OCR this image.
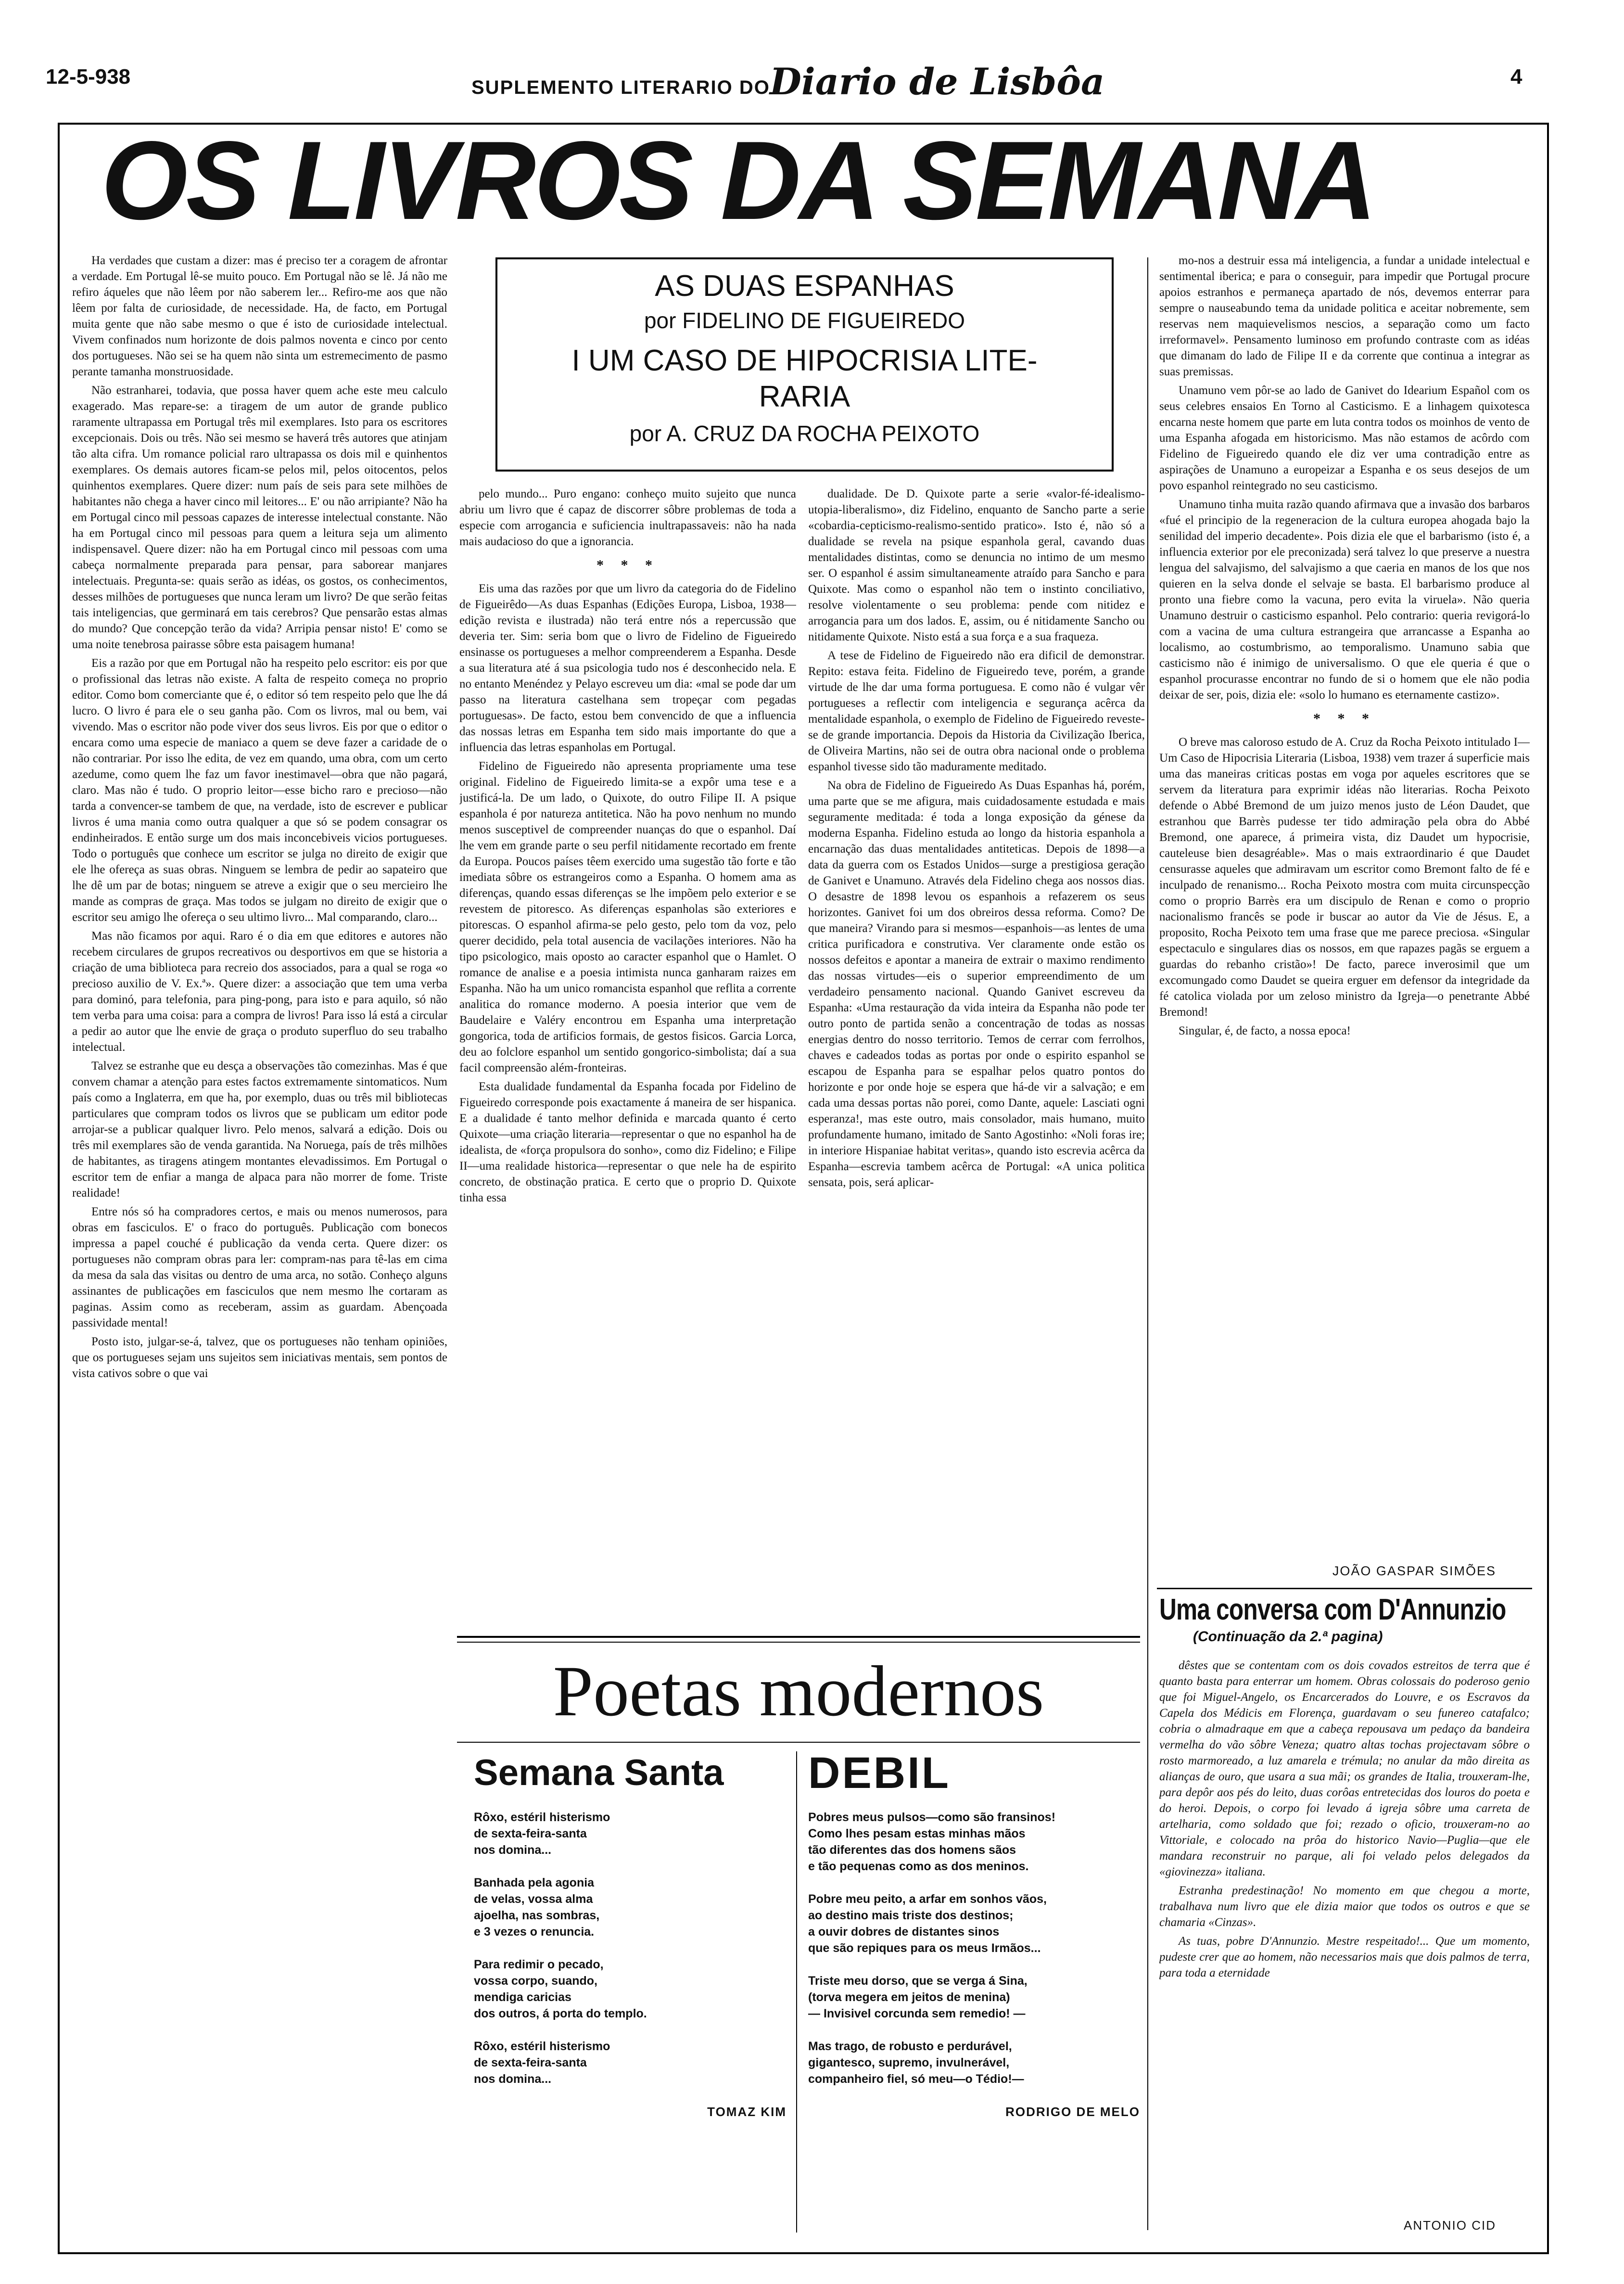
12-5-938	SUPLEMENTO LITERARIO DO Diario de Lisbôa	4
OS LIVROS DA SEMANA
AS DUAS ESPANHAS
por FIDELINO DE FIGUEIREDO
I UM CASO DE HIPOCRISIA LITE-
RARIA
por A. CRUZ DA ROCHA PEIXOTO

Ha verdades que custam a dizer: mas é preciso ter a coragem de afrontar a verdade. Em Portugal lê-se muito pouco. Em Portugal não se lê. Já não me refiro áqueles que não lêem por não saberem ler... Refiro-me aos que não lêem por falta de curiosidade, de necessidade. Ha, de facto, em Portugal muita gente que não sabe mesmo o que é isto de curiosidade intelectual. Vivem confinados num horizonte de dois palmos noventa e cinco por cento dos portugueses. Não sei se ha quem não sinta um estremecimento de pasmo perante tamanha monstruosidade.

Não estranharei, todavia, que possa haver quem ache este meu calculo exagerado. Mas repare-se: a tiragem de um autor de grande publico raramente ultrapassa em Portugal três mil exemplares. Isto para os escritores excepcionais. Dois ou três. Não sei mesmo se haverá três autores que atinjam tão alta cifra. Um romance policial raro ultrapassa os dois mil e quinhentos exemplares. Os demais autores ficam-se pelos mil, pelos oitocentos, pelos quinhentos exemplares. Quere dizer: num país de seis para sete milhões de habitantes não chega a haver cinco mil leitores... E' ou não arripiante? Não ha em Portugal cinco mil pessoas capazes de interesse intelectual constante. Não ha em Portugal cinco mil pessoas para quem a leitura seja um alimento indispensavel. Quere dizer: não ha em Portugal cinco mil pessoas com uma cabeça normalmente preparada para pensar, para saborear manjares intelectuais. Pregunta-se: quais serão as idéas, os gostos, os conhecimentos, desses milhões de portugueses que nunca leram um livro? De que serão feitas tais inteligencias, que germinará em tais cerebros? Que pensarão estas almas do mundo? Que concepção terão da vida? Arripia pensar nisto! E' como se uma noite tenebrosa pairasse sôbre esta paisagem humana!

Eis a razão por que em Portugal não ha respeito pelo escritor: eis por que o profissional das letras não existe. A falta de respeito começa no proprio editor. Como bom comerciante que é, o editor só tem respeito pelo que lhe dá lucro. O livro é para ele o seu ganha pão. Com os livros, mal ou bem, vai vivendo. Mas o escritor não pode viver dos seus livros. Eis por que o editor o encara como uma especie de maniaco a quem se deve fazer a caridade de o não contrariar. Por isso lhe edita, de vez em quando, uma obra, com um certo azedume, como quem lhe faz um favor inestimavel—obra que não pagará, claro. Mas não é tudo. O proprio leitor—esse bicho raro e precioso—não tarda a convencer-se tambem de que, na verdade, isto de escrever e publicar livros é uma mania como outra qualquer a que só se podem consagrar os endinheirados. E então surge um dos mais inconcebiveis vicios portugueses. Todo o português que conhece um escritor se julga no direito de exigir que ele lhe ofereça as suas obras. Ninguem se lembra de pedir ao sapateiro que lhe dê um par de botas; ninguem se atreve a exigir que o seu mercieiro lhe mande as compras de graça. Mas todos se julgam no direito de exigir que o escritor seu amigo lhe ofereça o seu ultimo livro... Mal comparando, claro...

Mas não ficamos por aqui. Raro é o dia em que editores e autores não recebem circulares de grupos recreativos ou desportivos em que se historia a criação de uma biblioteca para recreio dos associados, para a qual se roga «o precioso auxilio de V. Ex.ª». Quere dizer: a associação que tem uma verba para dominó, para telefonia, para ping-pong, para isto e para aquilo, só não tem verba para uma coisa: para a compra de livros! Para isso lá está a circular a pedir ao autor que lhe envie de graça o produto superfluo do seu trabalho intelectual.

Talvez se estranhe que eu desça a observações tão comezinhas. Mas é que convem chamar a atenção para estes factos extremamente sintomaticos. Num país como a Inglaterra, em que ha, por exemplo, duas ou três mil bibliotecas particulares que compram todos os livros que se publicam um editor pode arrojar-se a publicar qualquer livro. Pelo menos, salvará a edição. Dois ou três mil exemplares são de venda garantida. Na Noruega, país de três milhões de habitantes, as tiragens atingem montantes elevadissimos. Em Portugal o escritor tem de enfiar a manga de alpaca para não morrer de fome. Triste realidade!

Entre nós só ha compradores certos, e mais ou menos numerosos, para obras em fasciculos. E' o fraco do português. Publicação com bonecos impressa a papel couché é publicação da venda certa. Quere dizer: os portugueses não compram obras para ler: compram-nas para tê-las em cima da mesa da sala das visitas ou dentro de uma arca, no sotão. Conheço alguns assinantes de publicações em fasciculos que nem mesmo lhe cortaram as paginas. Assim como as receberam, assim as guardam. Abençoada passividade mental!

Posto isto, julgar-se-á, talvez, que os portugueses não tenham opiniões, que os portugueses sejam uns sujeitos sem iniciativas mentais, sem pontos de vista cativos sobre o que vai

pelo mundo... Puro engano: conheço muito sujeito que nunca abriu um livro que é capaz de discorrer sôbre problemas de toda a especie com arrogancia e suficiencia inultrapassaveis: não ha nada mais audacioso do que a ignorancia.

* * *

Eis uma das razões por que um livro da categoria do de Fidelino de Figueirêdo—As duas Espanhas (Edições Europa, Lisboa, 1938—edição revista e ilustrada) não terá entre nós a repercussão que deveria ter. Sim: seria bom que o livro de Fidelino de Figueiredo ensinasse os portugueses a melhor compreenderem a Espanha. Desde a sua literatura até á sua psicologia tudo nos é desconhecido nela. E no entanto Menéndez y Pelayo escreveu um dia: «mal se pode dar um passo na literatura castelhana sem tropeçar com pegadas portuguesas». De facto, estou bem convencido de que a influencia das nossas letras em Espanha tem sido mais importante do que a influencia das letras espanholas em Portugal.

Fidelino de Figueiredo não apresenta propriamente uma tese original. Fidelino de Figueiredo limita-se a expôr uma tese e a justificá-la. De um lado, o Quixote, do outro Filipe II. A psique espanhola é por natureza antitetica. Não ha povo nenhum no mundo menos susceptivel de compreender nuanças do que o espanhol. Daí lhe vem em grande parte o seu perfil nitidamente recortado em frente da Europa. Poucos países têem exercido uma sugestão tão forte e tão imediata sôbre os estrangeiros como a Espanha. O homem ama as diferenças, quando essas diferenças se lhe impõem pelo exterior e se revestem de pitoresco. As diferenças espanholas são exteriores e pitorescas. O espanhol afirma-se pelo gesto, pelo tom da voz, pelo querer decidido, pela total ausencia de vacilações interiores. Não ha tipo psicologico, mais oposto ao caracter espanhol que o Hamlet. O romance de analise e a poesia intimista nunca ganharam raizes em Espanha. Não ha um unico romancista espanhol que reflita a corrente analitica do romance moderno. A poesia interior que vem de Baudelaire e Valéry encontrou em Espanha uma interpretação gongorica, toda de artificios formais, de gestos fisicos. Garcia Lorca, deu ao folclore espanhol um sentido gongorico-simbolista; daí a sua facil compreensão além-fronteiras.

Esta dualidade fundamental da Espanha focada por Fidelino de Figueiredo corresponde pois exactamente á maneira de ser hispanica. E a dualidade é tanto melhor definida e marcada quanto é certo Quixote—uma criação literaria—representar o que no espanhol ha de idealista, de «força propulsora do sonho», como diz Fidelino; e Filipe II—uma realidade historica—representar o que nele ha de espirito concreto, de obstinação pratica. E certo que o proprio D. Quixote tinha essa

dualidade. De D. Quixote parte a serie «valor-fé-idealismo-utopia-liberalismo», diz Fidelino, enquanto de Sancho parte a serie «cobardia-cepticismo-realismo-sentido pratico». Isto é, não só a dualidade se revela na psique espanhola geral, cavando duas mentalidades distintas, como se denuncia no intimo de um mesmo ser. O espanhol é assim simultaneamente atraído para Sancho e para Quixote. Mas como o espanhol não tem o instinto conciliativo, resolve violentamente o seu problema: pende com nitidez e arrogancia para um dos lados. E, assim, ou é nitidamente Sancho ou nitidamente Quixote. Nisto está a sua força e a sua fraqueza.

A tese de Fidelino de Figueiredo não era dificil de demonstrar. Repito: estava feita. Fidelino de Figueiredo teve, porém, a grande virtude de lhe dar uma forma portuguesa. E como não é vulgar vêr portugueses a reflectir com inteligencia e segurança acêrca da mentalidade espanhola, o exemplo de Fidelino de Figueiredo reveste-se de grande importancia. Depois da Historia da Civilização Iberica, de Oliveira Martins, não sei de outra obra nacional onde o problema espanhol tivesse sido tão maduramente meditado.

Na obra de Fidelino de Figueiredo As Duas Espanhas há, porém, uma parte que se me afigura, mais cuidadosamente estudada e mais seguramente meditada: é toda a longa exposição da génese da moderna Espanha. Fidelino estuda ao longo da historia espanhola a encarnação das duas mentalidades antiteticas. Depois de 1898—a data da guerra com os Estados Unidos—surge a prestigiosa geração de Ganivet e Unamuno. Através dela Fidelino chega aos nossos dias. O desastre de 1898 levou os espanhois a refazerem os seus horizontes. Ganivet foi um dos obreiros dessa reforma. Como? De que maneira? Virando para si mesmos—espanhois—as lentes de uma critica purificadora e construtiva. Ver claramente onde estão os nossos defeitos e apontar a maneira de extrair o maximo rendimento das nossas virtudes—eis o superior empreendimento de um verdadeiro pensamento nacional. Quando Ganivet escreveu da Espanha: «Uma restauração da vida inteira da Espanha não pode ter outro ponto de partida senão a concentração de todas as nossas energias dentro do nosso territorio. Temos de cerrar com ferrolhos, chaves e cadeados todas as portas por onde o espirito espanhol se escapou de Espanha para se espalhar pelos quatro pontos do horizonte e por onde hoje se espera que há-de vir a salvação; e em cada uma dessas portas não porei, como Dante, aquele: Lasciati ogni esperanza!, mas este outro, mais consolador, mais humano, muito profundamente humano, imitado de Santo Agostinho: «Noli foras ire; in interiore Hispaniae habitat veritas», quando isto escrevia acêrca da Espanha—escrevia tambem acêrca de Portugal: «A unica politica sensata, pois, será aplicar-

mo-nos a destruir essa má inteligencia, a fundar a unidade intelectual e sentimental iberica; e para o conseguir, para impedir que Portugal procure apoios estranhos e permaneça apartado de nós, devemos enterrar para sempre o nauseabundo tema da unidade politica e aceitar nobremente, sem reservas nem maquievelismos nescios, a separação como um facto irreformavel». Pensamento luminoso em profundo contraste com as idéas que dimanam do lado de Filipe II e da corrente que continua a integrar as suas premissas.

Unamuno vem pôr-se ao lado de Ganivet do Idearium Español com os seus celebres ensaios En Torno al Casticismo. E a linhagem quixotesca encarna neste homem que parte em luta contra todos os moinhos de vento de uma Espanha afogada em historicismo. Mas não estamos de acôrdo com Fidelino de Figueiredo quando ele diz ver uma contradição entre as aspirações de Unamuno a europeizar a Espanha e os seus desejos de um povo espanhol reintegrado no seu casticismo.

Unamuno tinha muita razão quando afirmava que a invasão dos barbaros «fué el principio de la regeneracion de la cultura europea ahogada bajo la senilidad del imperio decadente». Pois dizia ele que el barbarismo (isto é, a influencia exterior por ele preconizada) será talvez lo que preserve a nuestra lengua del salvajismo, del salvajismo a que caeria en manos de los que nos quieren en la selva donde el selvaje se basta. El barbarismo produce al pronto una fiebre como la vacuna, pero evita la viruela». Não queria Unamuno destruir o casticismo espanhol. Pelo contrario: queria revigorá-lo com a vacina de uma cultura estrangeira que arrancasse a Espanha ao localismo, ao costumbrismo, ao temporalismo. Unamuno sabia que casticismo não é inimigo de universalismo. O que ele queria é que o espanhol procurasse encontrar no fundo de si o homem que ele não podia deixar de ser, pois, dizia ele: «solo lo humano es eternamente castizo».

* * *

O breve mas caloroso estudo de A. Cruz da Rocha Peixoto intitulado I—Um Caso de Hipocrisia Literaria (Lisboa, 1938) vem trazer á superficie mais uma das maneiras criticas postas em voga por aqueles escritores que se servem da literatura para exprimir idéas não literarias. Rocha Peixoto defende o Abbé Bremond de um juizo menos justo de Léon Daudet, que estranhou que Barrès pudesse ter tido admiração pela obra do Abbé Bremond, one aparece, á primeira vista, diz Daudet um hypocrisie, cauteleuse bien desagréable». Mas o mais extraordinario é que Daudet censurasse aqueles que admiravam um escritor como Bremont falto de fé e inculpado de renanismo... Rocha Peixoto mostra com muita circunspecção como o proprio Barrès era um discipulo de Renan e como o proprio nacionalismo francês se pode ir buscar ao autor da Vie de Jésus. E, a proposito, Rocha Peixoto tem uma frase que me parece preciosa. «Singular espectaculo e singulares dias os nossos, em que rapazes pagãs se erguem a guardas do rebanho cristão»! De facto, parece inverosimil que um excomungado como Daudet se queira erguer em defensor da integridade da fé catolica violada por um zeloso ministro da Igreja—o penetrante Abbé Bremond!

Singular, é, de facto, a nossa epoca!

JOÃO GASPAR SIMÕES
Uma conversa com D'Annunzio
(Continuação da 2.ª pagina)

dêstes que se contentam com os dois covados estreitos de terra que é quanto basta para enterrar um homem. Obras colossais do poderoso genio que foi Miguel-Angelo, os Encarcerados do Louvre, e os Escravos da Capela dos Médicis em Florença, guardavam o seu funereo catafalco; cobria o almadraque em que a cabeça repousava um pedaço da bandeira vermelha do vão sôbre Veneza; quatro altas tochas projectavam sôbre o rosto marmoreado, a luz amarela e trémula; no anular da mão direita as alianças de ouro, que usara a sua mãi; os grandes de Italia, trouxeram-lhe, para depôr aos pés do leito, duas corôas entretecidas dos louros do poeta e do heroi. Depois, o corpo foi levado á igreja sôbre uma carreta de artelharia, como soldado que foi; rezado o oficio, trouxeram-no ao Vittoriale, e colocado na prôa do historico Navio—Puglia—que ele mandara reconstruir no parque, ali foi velado pelos delegados da «giovinezza» italiana.

Estranha predestinação! No momento em que chegou a morte, trabalhava num livro que ele dizia maior que todos os outros e que se chamaria «Cinzas».

As tuas, pobre D'Annunzio. Mestre respeitado!... Que um momento, pudeste crer que ao homem, não necessarios mais que dois palmos de terra, para toda a eternidade

ANTONIO CID
Poetas modernos
Semana Santa
Rôxo, estéril histerismo
de sexta-feira-santa
nos domina...
Banhada pela agonia
de velas, vossa alma
ajoelha, nas sombras,
e 3 vezes o renuncia.
Para redimir o pecado,
vossa corpo, suando,
mendiga caricias
dos outros, á porta do templo.
Rôxo, estéril histerismo
de sexta-feira-santa
nos domina...
TOMAZ KIM
DEBIL
Pobres meus pulsos—como são fransinos!
Como lhes pesam estas minhas mãos
tão diferentes das dos homens sãos
e tão pequenas como as dos meninos.
Pobre meu peito, a arfar em sonhos vãos,
ao destino mais triste dos destinos;
a ouvir dobres de distantes sinos
que são repiques para os meus Irmãos...
Triste meu dorso, que se verga á Sina,
(torva megera em jeitos de menina)
— Invisivel corcunda sem remedio! —
Mas trago, de robusto e perdurável,
gigantesco, supremo, invulnerável,
companheiro fiel, só meu—o Tédio!—
RODRIGO DE MELO
